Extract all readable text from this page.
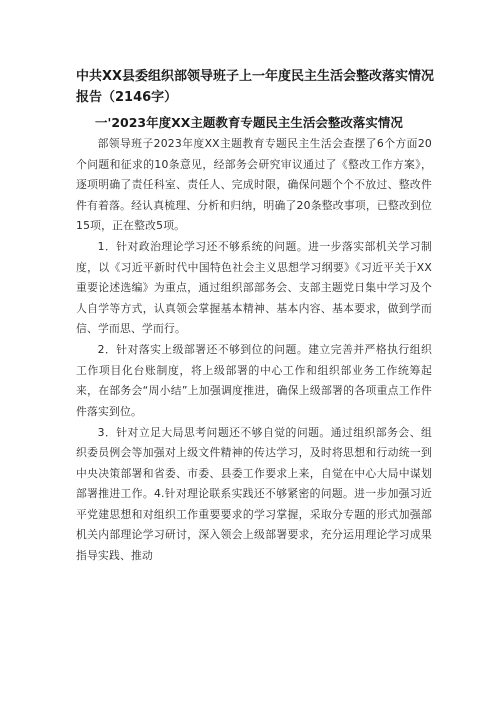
中共XX县委组织部领导班子上一年度民主生活会整改落实情况报告（2146字）
一'2023年度XX主题教育专题民主生活会整改落实情况

部领导班子2023年度XX主题教育专题民主生活会查摆了6个方面20个问题和征求的10条意见，经部务会研究审议通过了《整改工作方案》，逐项明确了责任科室、责任人、完成时限，确保问题个个不放过、整改件件有着落。经认真梳理、分析和归纳，明确了20条整改事项，已整改到位15项，正在整改5项。

1．针对政治理论学习还不够系统的问题。进一步落实部机关学习制度，以《习近平新时代中国特色社会主义思想学习纲要》《习近平关于XX重要论述选编》为重点，通过组织部部务会、支部主题党日集中学习及个人自学等方式，认真领会掌握基本精神、基本内容、基本要求，做到学而信、学而思、学而行。

2．针对落实上级部署还不够到位的问题。建立完善并严格执行组织工作项目化台账制度，将上级部署的中心工作和组织部业务工作统筹起来，在部务会“周小结”上加强调度推进，确保上级部署的各项重点工作件件落实到位。

3．针对立足大局思考问题还不够自觉的问题。通过组织部务会、组织委员例会等加强对上级文件精神的传达学习，及时将思想和行动统一到中央决策部署和省委、市委、县委工作要求上来，自觉在中心大局中谋划部署推进工作。4.针对理论联系实践还不够紧密的问题。进一步加强习近平党建思想和对组织工作重要要求的学习掌握，采取分专题的形式加强部机关内部理论学习研讨，深入领会上级部署要求，充分运用理论学习成果指导实践、推动
